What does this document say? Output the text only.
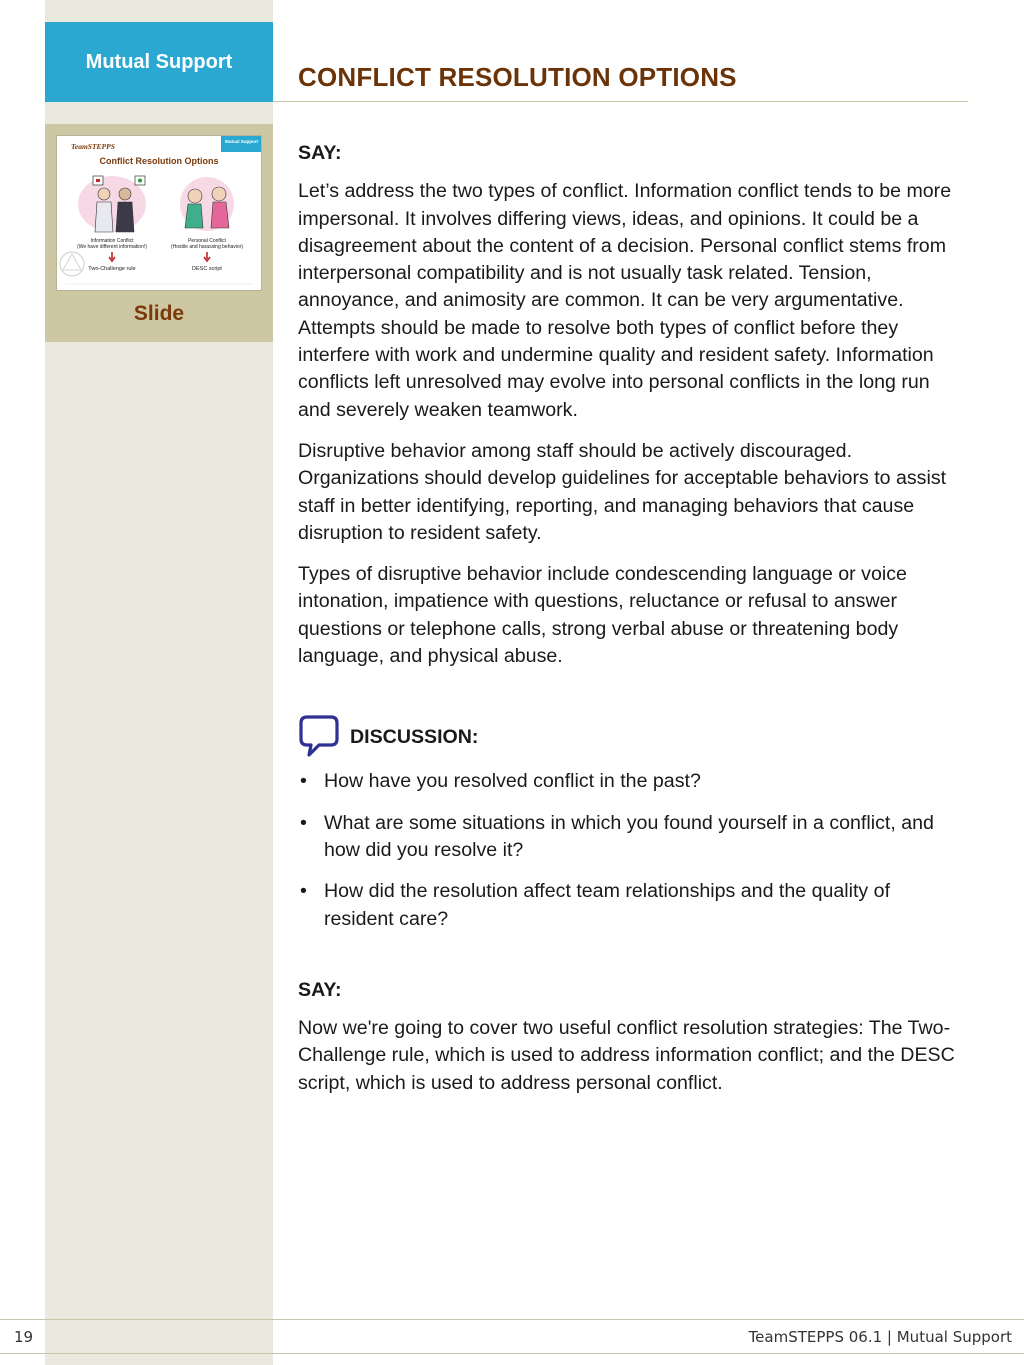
Mutual Support
TeamSTEPPS
Mutual Support
Conflict Resolution Options
Information Conflict
(We have different information!)
Personal Conflict
(Hostile and harassing behavior)
Two-Challenge rule	DESC script
Slide
CONFLICT RESOLUTION OPTIONS

SAY:

Let’s address the two types of conflict. Information conflict tends to be more impersonal. It involves differing views, ideas, and opinions. It could be a disagreement about the content of a decision. Personal conflict stems from interpersonal compatibility and is not usually task related. Tension, annoyance, and animosity are common. It can be very argumentative. Attempts should be made to resolve both types of conflict before they interfere with work and undermine quality and resident safety. Information conflicts left unresolved may evolve into personal conflicts in the long run and severely weaken teamwork.

Disruptive behavior among staff should be actively discouraged. Organizations should develop guidelines for acceptable behaviors to assist staff in better identifying, reporting, and managing behaviors that cause disruption to resident safety.

Types of disruptive behavior include condescending language or voice intonation, impatience with questions, reluctance or refusal to answer questions or telephone calls, strong verbal abuse or threatening body language, and physical abuse.

DISCUSSION:
• How have you resolved conflict in the past?
• What are some situations in which you found yourself in a conflict, and how did you resolve it?
• How did the resolution affect team relationships and the quality of resident care?

SAY:

Now we're going to cover two useful conflict resolution strategies: The Two-Challenge rule, which is used to address information conflict; and the DESC script, which is used to address personal conflict.

19	TeamSTEPPS 06.1 | Mutual Support
